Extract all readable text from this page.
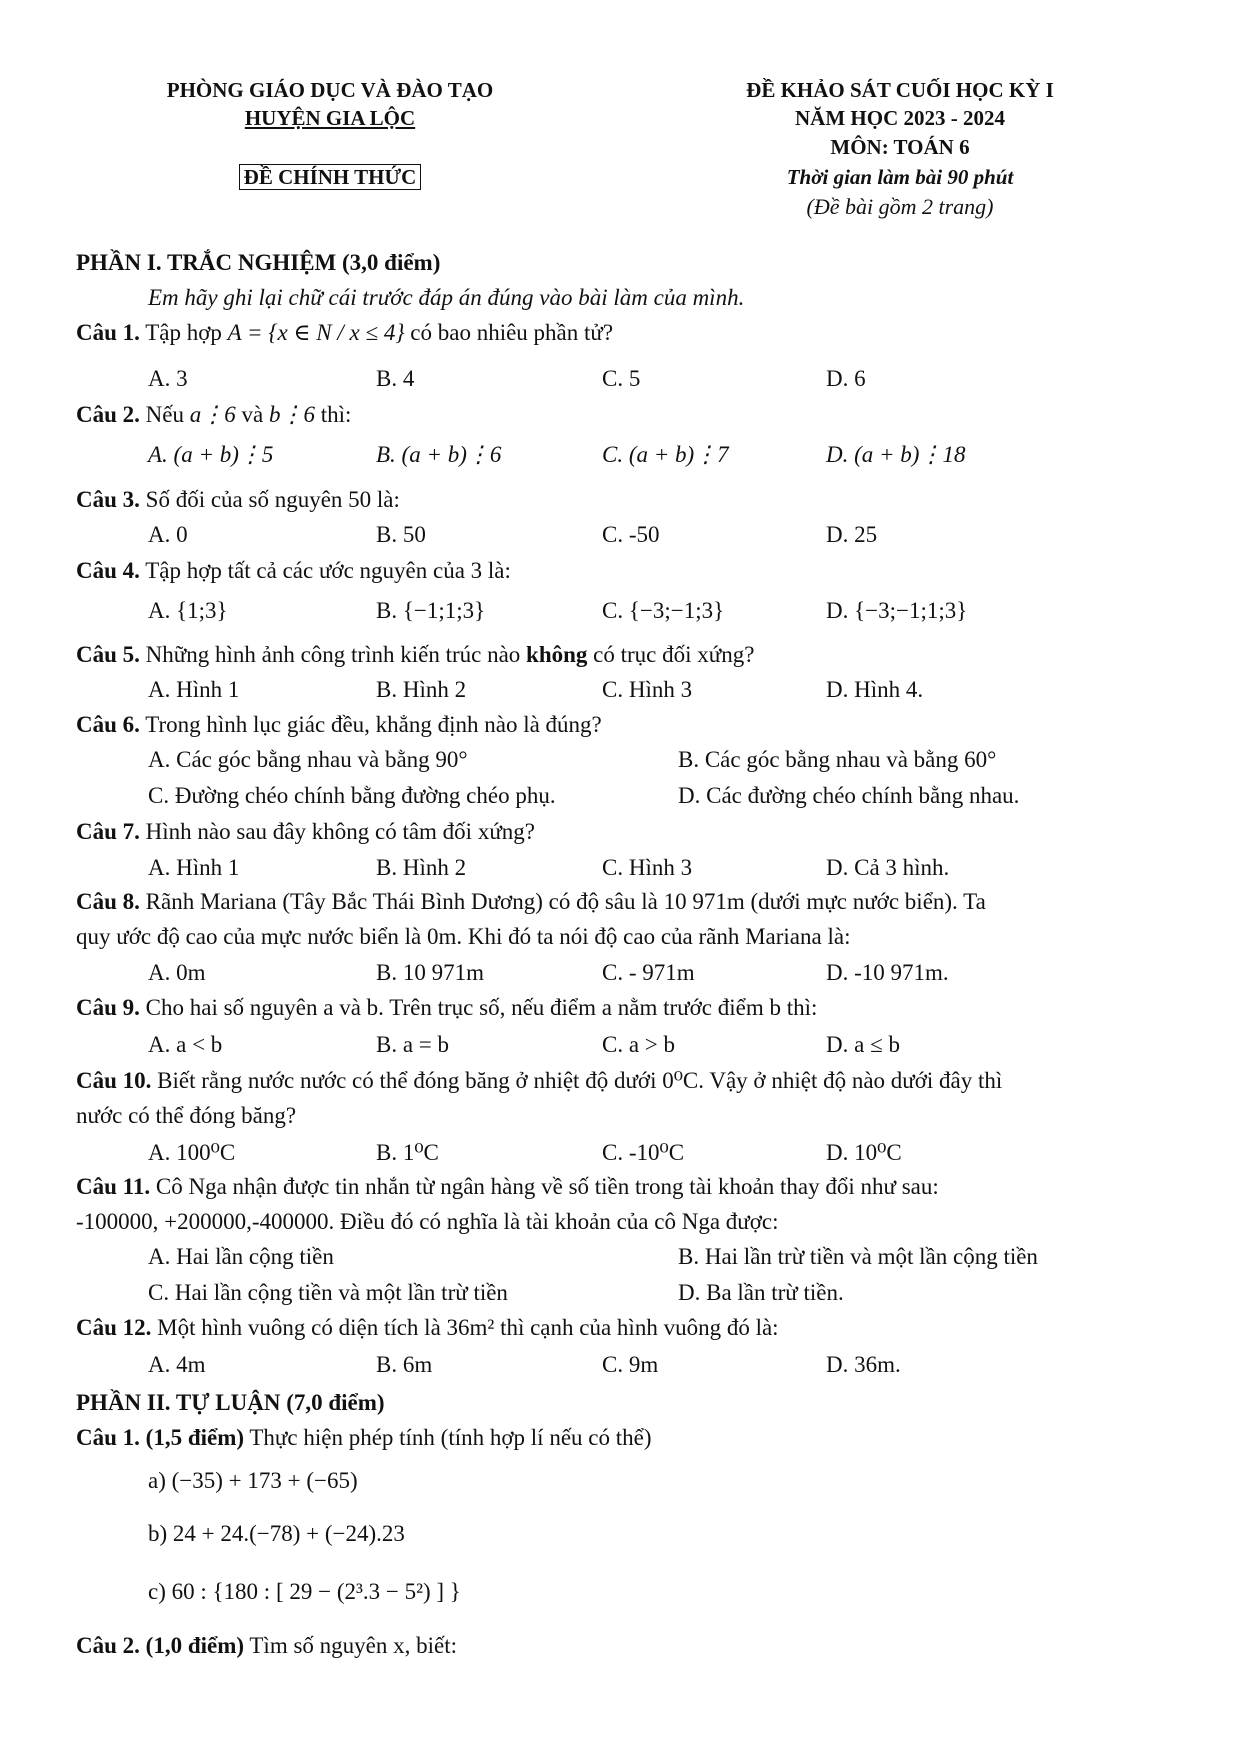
PHÒNG GIÁO DỤC VÀ ĐÀO TẠO
HUYỆN GIA LỘC
ĐỀ CHÍNH THỨC
ĐỀ KHẢO SÁT CUỐI HỌC KỲ I
NĂM HỌC 2023 - 2024
MÔN: TOÁN 6
Thời gian làm bài 90 phút
(Đề bài gồm 2 trang)
PHẦN I. TRẮC NGHIỆM (3,0 điểm)
Em hãy ghi lại chữ cái trước đáp án đúng vào bài làm của mình.
Câu 1. Tập hợp A = {x ∈ N / x ≤ 4} có bao nhiêu phần tử?
A. 3	B. 4	C. 5	D. 6
Câu 2. Nếu a⋮6 và b⋮6 thì:
A. (a + b)⋮5	B. (a + b)⋮6	C. (a + b)⋮7	D. (a + b)⋮18
Câu 3. Số đối của số nguyên 50 là:
A. 0	B. 50	C. -50	D. 25
Câu 4. Tập hợp tất cả các ước nguyên của 3 là:
A. {1;3}	B. {−1;1;3}	C. {−3;−1;3}	D. {−3;−1;1;3}
Câu 5. Những hình ảnh công trình kiến trúc nào không có trục đối xứng?
A. Hình 1	B. Hình 2	C. Hình 3	D. Hình 4.
Câu 6. Trong hình lục giác đều, khẳng định nào là đúng?
A. Các góc bằng nhau và bằng 90°	B. Các góc bằng nhau và bằng 60°
C. Đường chéo chính bằng đường chéo phụ.	D. Các đường chéo chính bằng nhau.
Câu 7. Hình nào sau đây không có tâm đối xứng?
A. Hình 1	B. Hình 2	C. Hình 3	D. Cả 3 hình.
Câu 8. Rãnh Mariana (Tây Bắc Thái Bình Dương) có độ sâu là 10 971m (dưới mực nước biển). Ta
quy ước độ cao của mực nước biển là 0m. Khi đó ta nói độ cao của rãnh Mariana là:
A. 0m	B. 10 971m	C. - 971m	D. -10 971m.
Câu 9. Cho hai số nguyên a và b. Trên trục số, nếu điểm a nằm trước điểm b thì:
A. a < b	B. a = b	C. a > b	D. a ≤ b
Câu 10. Biết rằng nước nước có thể đóng băng ở nhiệt độ dưới 0⁰C. Vậy ở nhiệt độ nào dưới đây thì
nước có thể đóng băng?
A. 100⁰C	B. 1⁰C	C. -10⁰C	D. 10⁰C
Câu 11. Cô Nga nhận được tin nhắn từ ngân hàng về số tiền trong tài khoản thay đổi như sau:
-100000, +200000,-400000. Điều đó có nghĩa là tài khoản của cô Nga được:
A. Hai lần cộng tiền	B. Hai lần trừ tiền và một lần cộng tiền
C. Hai lần cộng tiền và một lần trừ tiền	D. Ba lần trừ tiền.
Câu 12. Một hình vuông có diện tích là 36m² thì cạnh của hình vuông đó là:
A. 4m	B. 6m	C. 9m	D. 36m.
PHẦN II. TỰ LUẬN (7,0 điểm)
Câu 1. (1,5 điểm) Thực hiện phép tính (tính hợp lí nếu có thể)
a) (−35) + 173 + (−65)
b) 24 + 24.(−78) + (−24).23
c) 60 : {180 : [ 29 − (2³.3 − 5²) ] }
Câu 2. (1,0 điểm) Tìm số nguyên x, biết:
